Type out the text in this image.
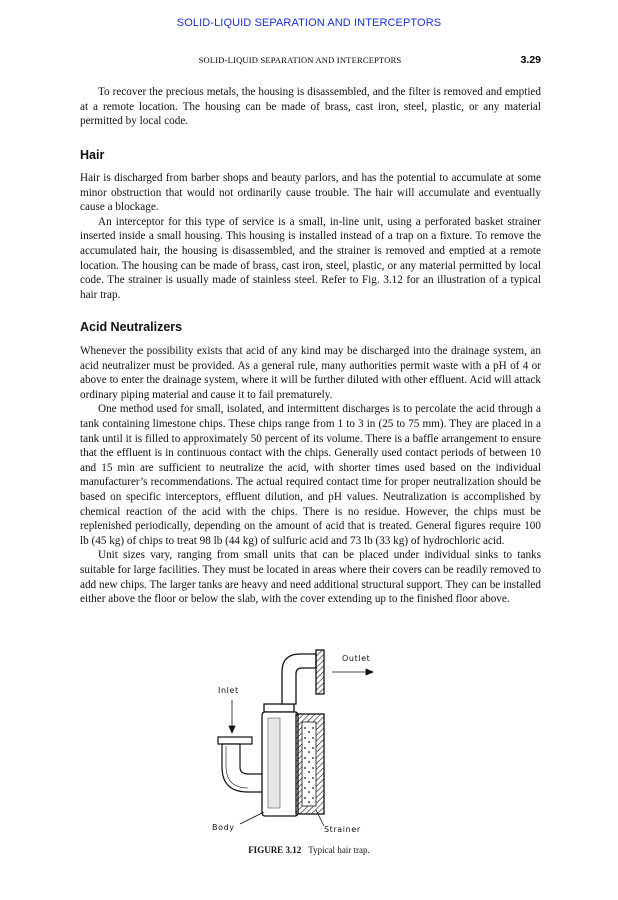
SOLID-LIQUID SEPARATION AND INTERCEPTORS
SOLID-LIQUID SEPARATION AND INTERCEPTORS	3.29

To recover the precious metals, the housing is disassembled, and the filter is removed and emptied at a remote location. The housing can be made of brass, cast iron, steel, plastic, or any material permitted by local code.

Hair

Hair is discharged from barber shops and beauty parlors, and has the potential to accumulate at some minor obstruction that would not ordinarily cause trouble. The hair will accumulate and eventually cause a blockage.

An interceptor for this type of service is a small, in-line unit, using a perforated basket strainer inserted inside a small housing. This housing is installed instead of a trap on a fixture. To remove the accumulated hair, the housing is disassembled, and the strainer is removed and emptied at a remote location. The housing can be made of brass, cast iron, steel, plastic, or any material permitted by local code. The strainer is usually made of stainless steel. Refer to Fig. 3.12 for an illustration of a typical hair trap.

Acid Neutralizers

Whenever the possibility exists that acid of any kind may be discharged into the drainage system, an acid neutralizer must be provided. As a general rule, many authorities permit waste with a pH of 4 or above to enter the drainage system, where it will be further diluted with other effluent. Acid will attack ordinary piping material and cause it to fail prematurely.

One method used for small, isolated, and intermittent discharges is to percolate the acid through a tank containing limestone chips. These chips range from 1 to 3 in (25 to 75 mm). They are placed in a tank until it is filled to approximately 50 percent of its volume. There is a baffle arrangement to ensure that the effluent is in continuous contact with the chips. Generally used contact periods of between 10 and 15 min are sufficient to neutralize the acid, with shorter times used based on the individual manufacturer’s recommendations. The actual required contact time for proper neutralization should be based on specific interceptors, effluent dilution, and pH values. Neutralization is accomplished by chemical reaction of the acid with the chips. There is no residue. However, the chips must be replenished periodically, depending on the amount of acid that is treated. General figures require 100 lb (45 kg) of chips to treat 98 lb (44 kg) of sulfuric acid and 73 lb (33 kg) of hydrochloric acid.

Unit sizes vary, ranging from small units that can be placed under individual sinks to tanks suitable for large facilities. They must be located in areas where their covers can be readily removed to add new chips. The larger tanks are heavy and need additional structural support. They can be installed either above the floor or below the slab, with the cover extending up to the finished floor above.

Outlet
Inlet
Body	Strainer
FIGURE 3.12 Typical hair trap.
